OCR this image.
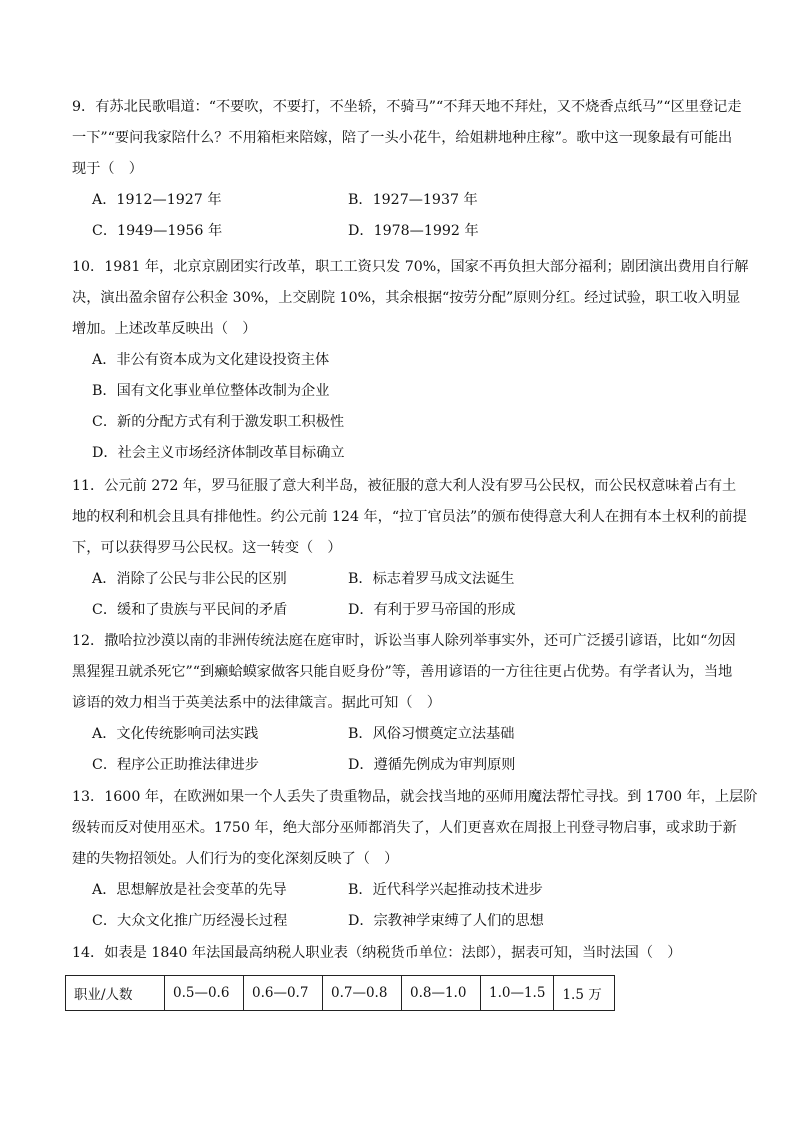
9．有苏北民歌唱道：“不要吹，不要打，不坐轿，不骑马”“不拜天地不拜灶，又不烧香点纸马”“区里登记走
一下”“要问我家陪什么？不用箱柜来陪嫁，陪了一头小花牛，给姐耕地种庄稼”。歌中这一现象最有可能出
现于（　）
A．1912—1927 年	B．1927—1937 年
C．1949—1956 年	D．1978—1992 年
10．1981 年，北京京剧团实行改革，职工工资只发 70%，国家不再负担大部分福利；剧团演出费用自行解
决，演出盈余留存公积金 30%，上交剧院 10%，其余根据“按劳分配”原则分红。经过试验，职工收入明显
增加。上述改革反映出（　）
A．非公有资本成为文化建设投资主体
B．国有文化事业单位整体改制为企业
C．新的分配方式有利于激发职工积极性
D．社会主义市场经济体制改革目标确立
11．公元前 272 年，罗马征服了意大利半岛，被征服的意大利人没有罗马公民权，而公民权意味着占有土
地的权利和机会且具有排他性。约公元前 124 年，“拉丁官员法”的颁布使得意大利人在拥有本土权利的前提
下，可以获得罗马公民权。这一转变（　）
A．消除了公民与非公民的区别	B．标志着罗马成文法诞生
C．缓和了贵族与平民间的矛盾	D．有利于罗马帝国的形成
12．撒哈拉沙漠以南的非洲传统法庭在庭审时，诉讼当事人除列举事实外，还可广泛援引谚语，比如“勿因
黑猩猩丑就杀死它”“到癞蛤蟆家做客只能自贬身份”等，善用谚语的一方往往更占优势。有学者认为，当地
谚语的效力相当于英美法系中的法律箴言。据此可知（　）
A．文化传统影响司法实践	B．风俗习惯奠定立法基础
C．程序公正助推法律进步	D．遵循先例成为审判原则
13．1600 年，在欧洲如果一个人丢失了贵重物品，就会找当地的巫师用魔法帮忙寻找。到 1700 年，上层阶
级转而反对使用巫术。1750 年，绝大部分巫师都消失了，人们更喜欢在周报上刊登寻物启事，或求助于新
建的失物招领处。人们行为的变化深刻反映了（　）
A．思想解放是社会变革的先导	B．近代科学兴起推动技术进步
C．大众文化推广历经漫长过程	D．宗教神学束缚了人们的思想
14．如表是 1840 年法国最高纳税人职业表（纳税货币单位：法郎），据表可知，当时法国（　）
职业/人数	0.5—0.6	0.6—0.7	0.7—0.8	0.8—1.0	1.0—1.5	1.5 万
